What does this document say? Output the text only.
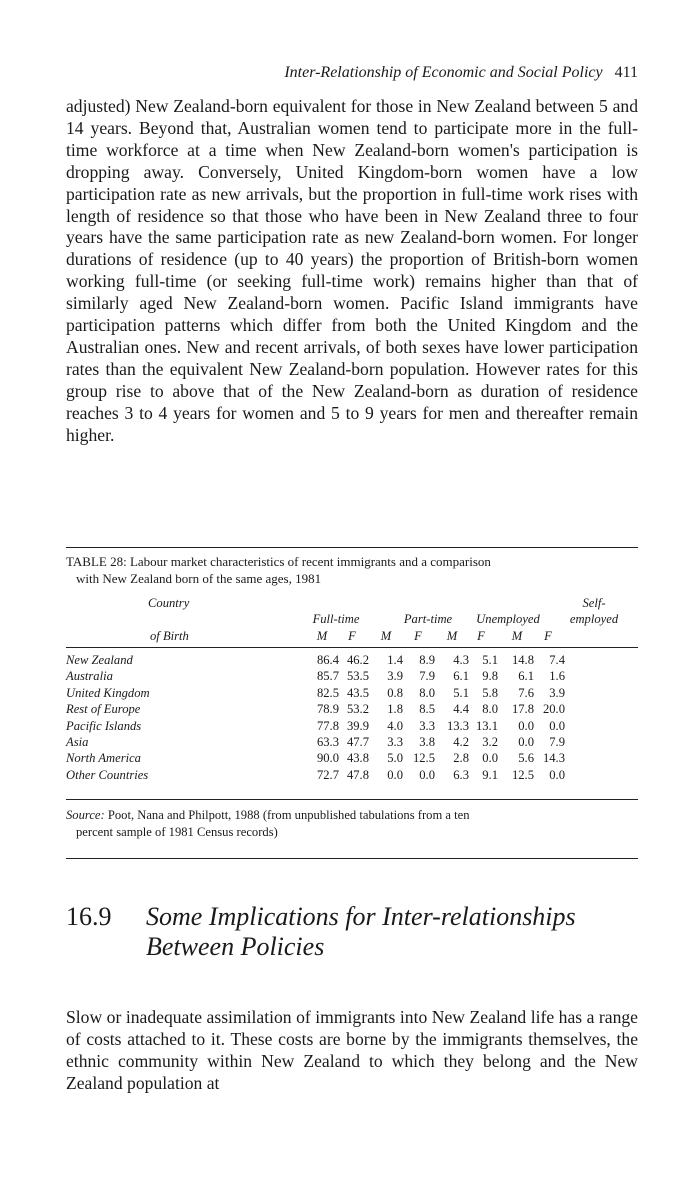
Inter-Relationship of Economic and Social Policy 411

adjusted) New Zealand-born equivalent for those in New Zealand between 5 and 14 years. Beyond that, Australian women tend to participate more in the full-time workforce at a time when New Zealand-born women's participation is dropping away. Conversely, United Kingdom-born women have a low participation rate as new arrivals, but the proportion in full-time work rises with length of residence so that those who have been in New Zealand three to four years have the same participation rate as new Zealand-born women. For longer durations of residence (up to 40 years) the proportion of British-born women working full-time (or seeking full-time work) remains higher than that of similarly aged New Zealand-born women. Pacific Island immigrants have participation patterns which differ from both the United Kingdom and the Australian ones. New and recent arrivals, of both sexes have lower participation rates than the equivalent New Zealand-born population. However rates for this group rise to above that of the New Zealand-born as duration of residence reaches 3 to 4 years for women and 5 to 9 years for men and thereafter remain higher.

TABLE 28: Labour market characteristics of recent immigrants and a comparison
with New Zealand born of the same ages, 1981
Country	Self-
Full-time	Part-time	Unemployed	employed
of Birth	M	F	M	F	M	F	M	F
New Zealand	86.4 46.2	1.4	8.9	4.3	5.1	14.8	7.4
Australia	85.7 53.5	3.9	7.9	6.1	9.8	6.1	1.6
United Kingdom	82.5 43.5	0.8	8.0	5.1	5.8	7.6	3.9
Rest of Europe	78.9 53.2	1.8	8.5	4.4	8.0	17.8 20.0
Pacific Islands	77.8 39.9	4.0	3.3 13.3 13.1	0.0	0.0
Asia	63.3 47.7	3.3	3.8	4.2	3.2	0.0	7.9
North America	90.0 43.8	5.0 12.5	2.8	0.0	5.6 14.3
Other Countries	72.7 47.8	0.0	0.0	6.3	9.1	12.5	0.0
Source: Poot, Nana and Philpott, 1988 (from unpublished tabulations from a ten
percent sample of 1981 Census records)
16.9 Some Implications for Inter-relationships Between Policies

Slow or inadequate assimilation of immigrants into New Zealand life has a range of costs attached to it. These costs are borne by the immigrants themselves, the ethnic community within New Zealand to which they belong and the New Zealand population at
